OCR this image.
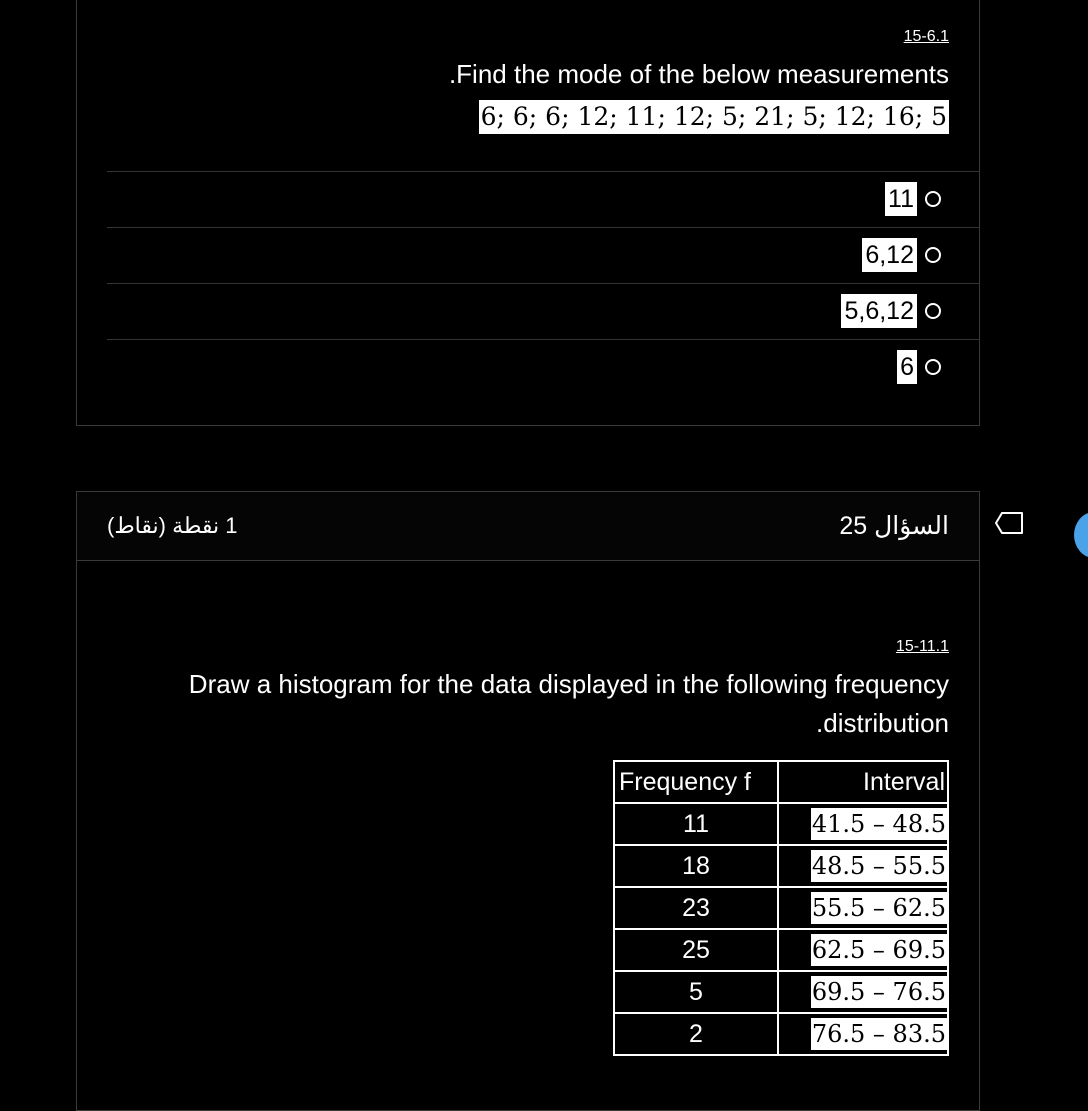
15-6.1
.Find the mode of the below measurements
6; 6; 6; 12; 11; 12; 5; 21; 5; 12; 16; 5
11
6,12
5,6,12
6
1 نقطة (نقاط)	السؤال 25
15-11.1
Draw a histogram for the data displayed in the following frequency
.distribution
Frequency f	Interval
11	41.5 – 48.5
18	48.5 – 55.5
23	55.5 – 62.5
25	62.5 – 69.5
5	69.5 – 76.5
2	76.5 – 83.5
